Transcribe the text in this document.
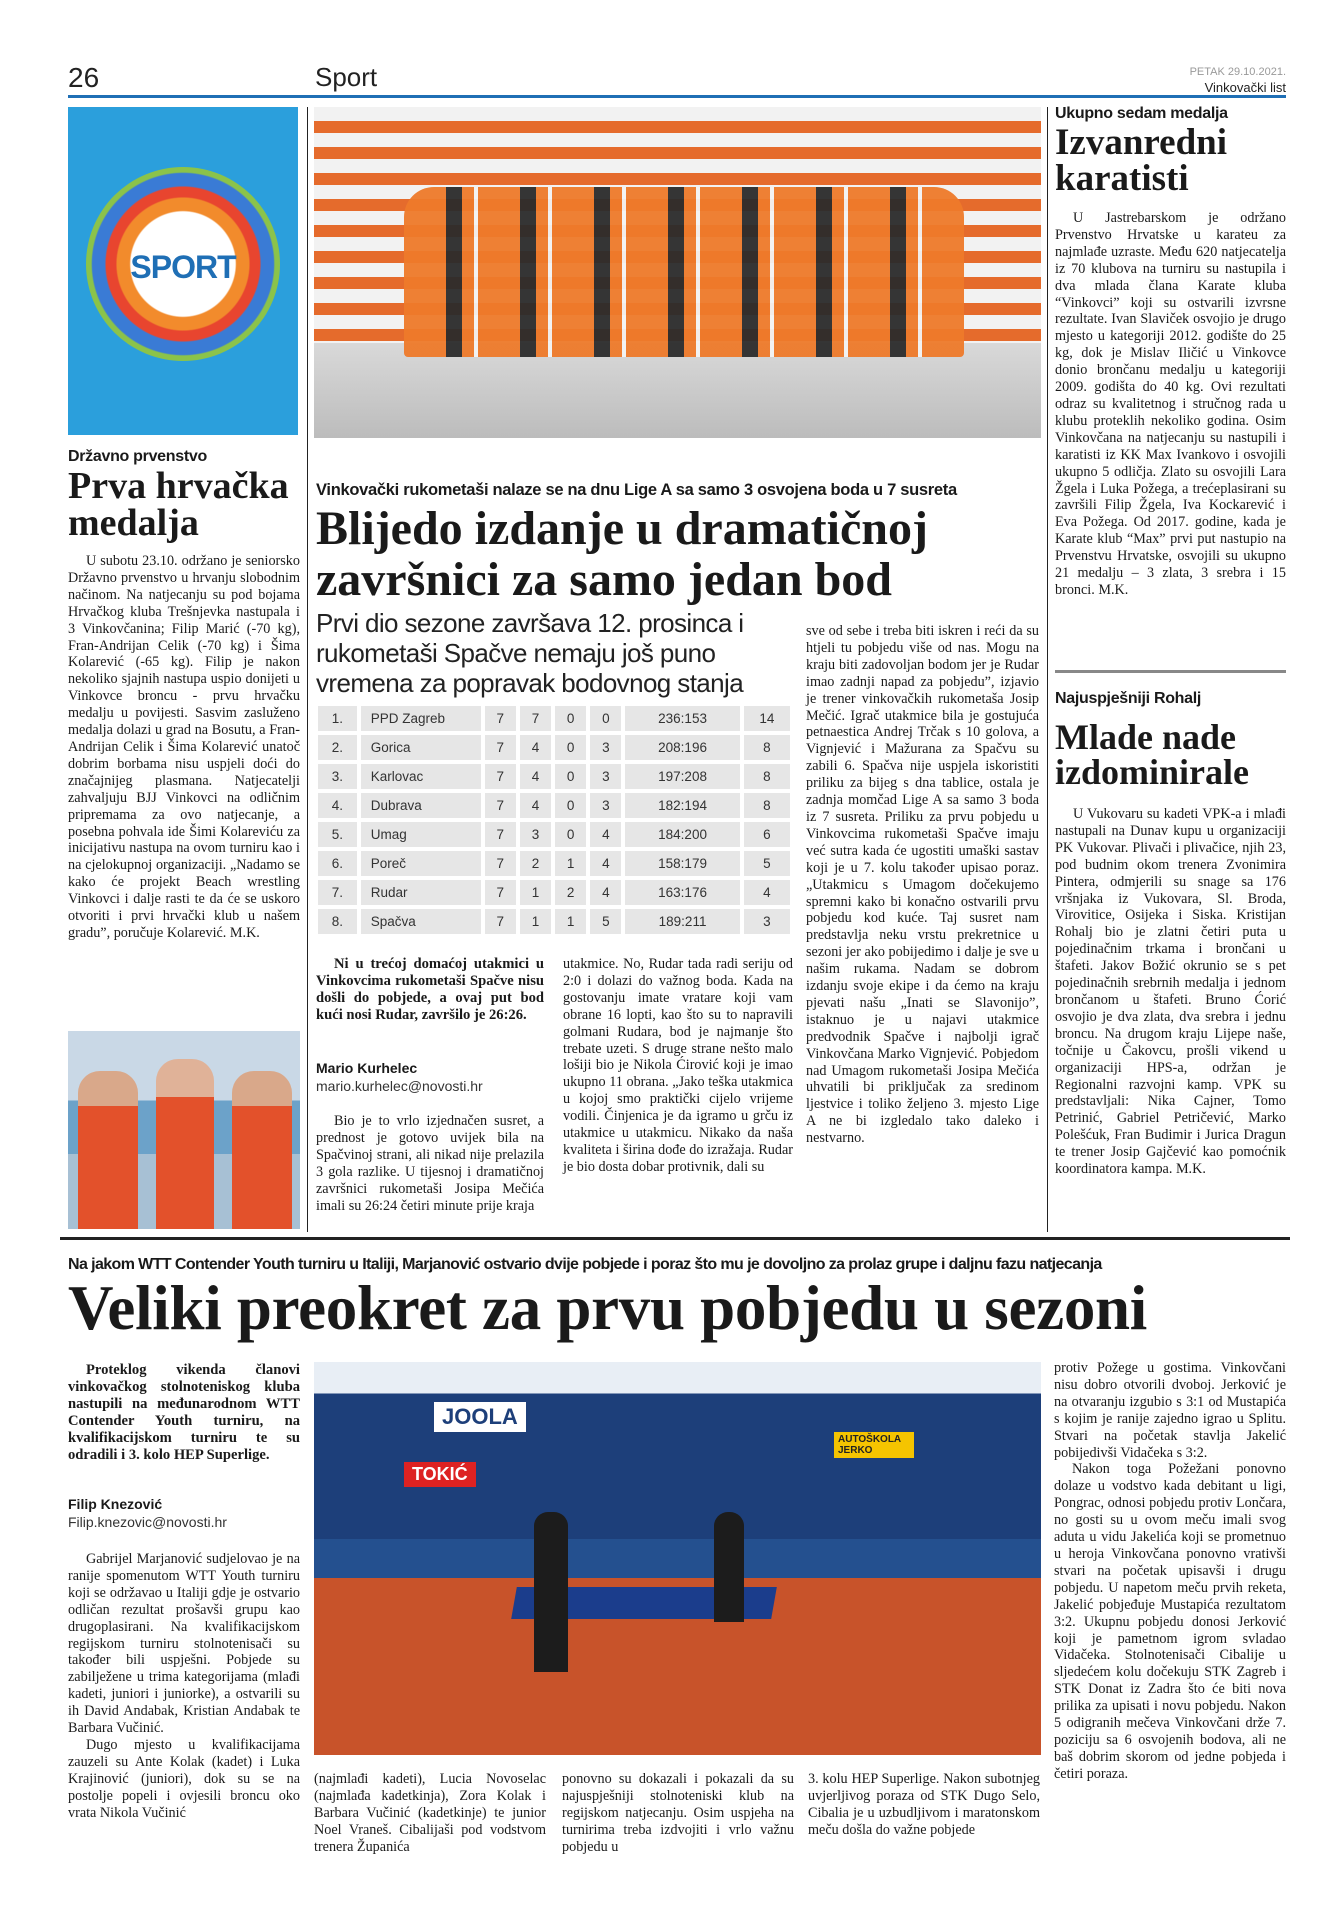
26	Sport	PETAK 29.10.2021.
Vinkovački list
SPORT
Državno prvenstvo
Prva hrvačka medalja

U subotu 23.10. održano je seniorsko Državno prvenstvo u hrvanju slobodnim načinom. Na natjecanju su pod bojama Hrvačkog kluba Trešnjevka nastupala i 3 Vinkovčanina; Filip Marić (-70 kg), Fran-Andrijan Celik (-70 kg) i Šima Kolarević (-65 kg). Filip je nakon nekoliko sjajnih nastupa uspio donijeti u Vinkovce broncu - prvu hrvačku medalju u povijesti. Sasvim zasluženo medalja dolazi u grad na Bosutu, a Fran-Andrijan Celik i Šima Kolarević unatoč dobrim borbama nisu uspjeli doći do značajnijeg plasmana. Natjecatelji zahvaljuju BJJ Vinkovci na odličnim pripremama za ovo natjecanje, a posebna pohvala ide Šimi Kolareviću za inicijativu nastupa na ovom turniru kao i na cjelokupnoj organizaciji. „Nadamo se kako će projekt Beach wrestling Vinkovci i dalje rasti te da će se uskoro otvoriti i prvi hrvački klub u našem gradu”, poručuje Kolarević. M.K.

Vinkovački rukometaši nalaze se na dnu Lige A sa samo 3 osvojena boda u 7 susreta
Blijedo izdanje u dramatičnoj završnici za samo jedan bod
Prvi dio sezone završava 12. prosinca i rukometaši Spačve nemaju još puno vremena za popravak bodovnog stanja
1.	PPD Zagreb	7	7	0	0	236:153	14
2.	Gorica	7	4	0	3	208:196	8
3.	Karlovac	7	4	0	3	197:208	8
4.	Dubrava	7	4	0	3	182:194	8
5.	Umag	7	3	0	4	184:200	6
6.	Poreč	7	2	1	4	158:179	5
7.	Rudar	7	1	2	4	163:176	4
8.	Spačva	7	1	1	5	189:211	3
Ni u trećoj domaćoj utakmici u Vinkovcima rukometaši Spačve nisu došli do pobjede, a ovaj put bod kući nosi Rudar, završilo je 26:26.
Mario Kurhelec
mario.kurhelec@novosti.hr

Bio je to vrlo izjednačen susret, a prednost je gotovo uvijek bila na Spačvinoj strani, ali nikad nije prelazila 3 gola razlike. U tijesnoj i dramatičnoj završnici rukometaši Josipa Mečića imali su 26:24 četiri minute prije kraja

utakmice. No, Rudar tada radi seriju od 2:0 i dolazi do važnog boda. Kada na gostovanju imate vratare koji vam obrane 16 lopti, kao što su to napravili golmani Rudara, bod je najmanje što trebate uzeti. S druge strane nešto malo lošiji bio je Nikola Ćirović koji je imao ukupno 11 obrana. „Jako teška utakmica u kojoj smo praktički cijelo vrijeme vodili. Činjenica je da igramo u grču iz utakmice u utakmicu. Nikako da naša kvaliteta i širina dođe do izražaja. Rudar je bio dosta dobar protivnik, dali su

sve od sebe i treba biti iskren i reći da su htjeli tu pobjedu više od nas. Mogu na kraju biti zadovoljan bodom jer je Rudar imao zadnji napad za pobjedu”, izjavio je trener vinkovačkih rukometaša Josip Mečić. Igrač utakmice bila je gostujuća petnaestica Andrej Trčak s 10 golova, a Vignjević i Mažurana za Spačvu su zabili 6. Spačva nije uspjela iskoristiti priliku za bijeg s dna tablice, ostala je zadnja momčad Lige A sa samo 3 boda iz 7 susreta. Priliku za prvu pobjedu u Vinkovcima rukometaši Spačve imaju već sutra kada će ugostiti umaški sastav koji je u 7. kolu također upisao poraz. „Utakmicu s Umagom dočekujemo spremni kako bi konačno ostvarili prvu pobjedu kod kuće. Taj susret nam predstavlja neku vrstu prekretnice u sezoni jer ako pobijedimo i dalje je sve u našim rukama. Nadam se dobrom izdanju svoje ekipe i da ćemo na kraju pjevati našu „Inati se Slavonijo”, istaknuo je u najavi utakmice predvodnik Spačve i najbolji igrač Vinkovčana Marko Vignjević. Pobjedom nad Umagom rukometaši Josipa Mečića uhvatili bi priključak za sredinom ljestvice i toliko željeno 3. mjesto Lige A ne bi izgledalo tako daleko i nestvarno.

Ukupno sedam medalja
Izvanredni karatisti

U Jastrebarskom je održano Prvenstvo Hrvatske u karateu za najmlađe uzraste. Među 620 natjecatelja iz 70 klubova na turniru su nastupila i dva mlada člana Karate kluba “Vinkovci” koji su ostvarili izvrsne rezultate. Ivan Slaviček osvojio je drugo mjesto u kategoriji 2012. godište do 25 kg, dok je Mislav Iličić u Vinkovce donio brončanu medalju u kategoriji 2009. godišta do 40 kg. Ovi rezultati odraz su kvalitetnog i stručnog rada u klubu proteklih nekoliko godina. Osim Vinkovčana na natjecanju su nastupili i karatisti iz KK Max Ivankovo i osvojili ukupno 5 odličja. Zlato su osvojili Lara Žgela i Luka Požega, a trećeplasirani su završili Filip Žgela, Iva Kockarević i Eva Požega. Od 2017. godine, kada je Karate klub “Max” prvi put nastupio na Prvenstvu Hrvatske, osvojili su ukupno 21 medalju – 3 zlata, 3 srebra i 15 bronci. M.K.

Najuspješniji Rohalj
Mlade nade izdominirale

U Vukovaru su kadeti VPK-a i mlađi nastupali na Dunav kupu u organizaciji PK Vukovar. Plivači i plivačice, njih 23, pod budnim okom trenera Zvonimira Pintera, odmjerili su snage sa 176 vršnjaka iz Vukovara, Sl. Broda, Virovitice, Osijeka i Siska. Kristijan Rohalj bio je zlatni četiri puta u pojedinačnim trkama i brončani u štafeti. Jakov Božić okrunio se s pet pojedinačnih srebrnih medalja i jednom brončanom u štafeti. Bruno Ćorić osvojio je dva zlata, dva srebra i jednu broncu. Na drugom kraju Lijepe naše, točnije u Čakovcu, prošli vikend u organizaciji HPS-a, održan je Regionalni razvojni kamp. VPK su predstavljali: Nika Cajner, Tomo Petrinić, Gabriel Petričević, Marko Polešćuk, Fran Budimir i Jurica Dragun te trener Josip Gajčević kao pomoćnik koordinatora kampa. M.K.

Na jakom WTT Contender Youth turniru u Italiji, Marjanović ostvario dvije pobjede i poraz što mu je dovoljno za prolaz grupe i daljnu fazu natjecanja
Veliki preokret za prvu pobjedu u sezoni
Proteklog vikenda članovi vinkovačkog stolnoteniskog kluba nastupili na međunarodnom WTT Contender Youth turniru, na kvalifikacijskom turniru te su odradili i 3. kolo HEP Superlige.
Filip Knezović
Filip.knezovic@novosti.hr

Gabrijel Marjanović sudjelovao je na ranije spomenutom WTT Youth turniru koji se održavao u Italiji gdje je ostvario odličan rezultat prošavši grupu kao drugoplasirani. Na kvalifikacijskom regijskom turniru stolnotenisači su također bili uspješni. Pobjede su zabilježene u trima kategorijama (mlađi kadeti, juniori i juniorke), a ostvarili su ih David Andabak, Kristian Andabak te Barbara Vučinić.

Dugo mjesto u kvalifikacijama zauzeli su Ante Kolak (kadet) i Luka Krajinović (juniori), dok su se na postolje popeli i ovjesili broncu oko vrata Nikola Vučinić

JOOLA
TOKIĆ
AUTOŠKOLA JERKO

(najmlađi kadeti), Lucia Novoselac (najmlađa kadetkinja), Zora Kolak i Barbara Vučinić (kadetkinje) te junior Noel Vraneš. Cibalijaši pod vodstvom trenera Županića

ponovno su dokazali i pokazali da su najuspješniji stolnoteniski klub na regijskom natjecanju. Osim uspjeha na turnirima treba izdvojiti i vrlo važnu pobjedu u

3. kolu HEP Superlige. Nakon subotnjeg uvjerljivog poraza od STK Dugo Selo, Cibalia je u uzbudljivom i maratonskom meču došla do važne pobjede

protiv Požege u gostima. Vinkovčani nisu dobro otvorili dvoboj. Jerković je na otvaranju izgubio s 3:1 od Mustapića s kojim je ranije zajedno igrao u Splitu. Stvari na početak stavlja Jakelić pobijedivši Vidačeka s 3:2.

Nakon toga Požežani ponovno dolaze u vodstvo kada debitant u ligi, Pongrac, odnosi pobjedu protiv Lončara, no gosti su u ovom meču imali svog aduta u vidu Jakelića koji se prometnuo u heroja Vinkovčana ponovno vrativši stvari na početak upisavši i drugu pobjedu. U napetom meču prvih reketa, Jakelić pobjeđuje Mustapića rezultatom 3:2. Ukupnu pobjedu donosi Jerković koji je pametnom igrom svladao Vidačeka. Stolnotenisači Cibalije u sljedećem kolu dočekuju STK Zagreb i STK Donat iz Zadra što će biti nova prilika za upisati i novu pobjedu. Nakon 5 odigranih mečeva Vinkovčani drže 7. poziciju sa 6 osvojenih bodova, ali ne baš dobrim skorom od jedne pobjeda i četiri poraza.
